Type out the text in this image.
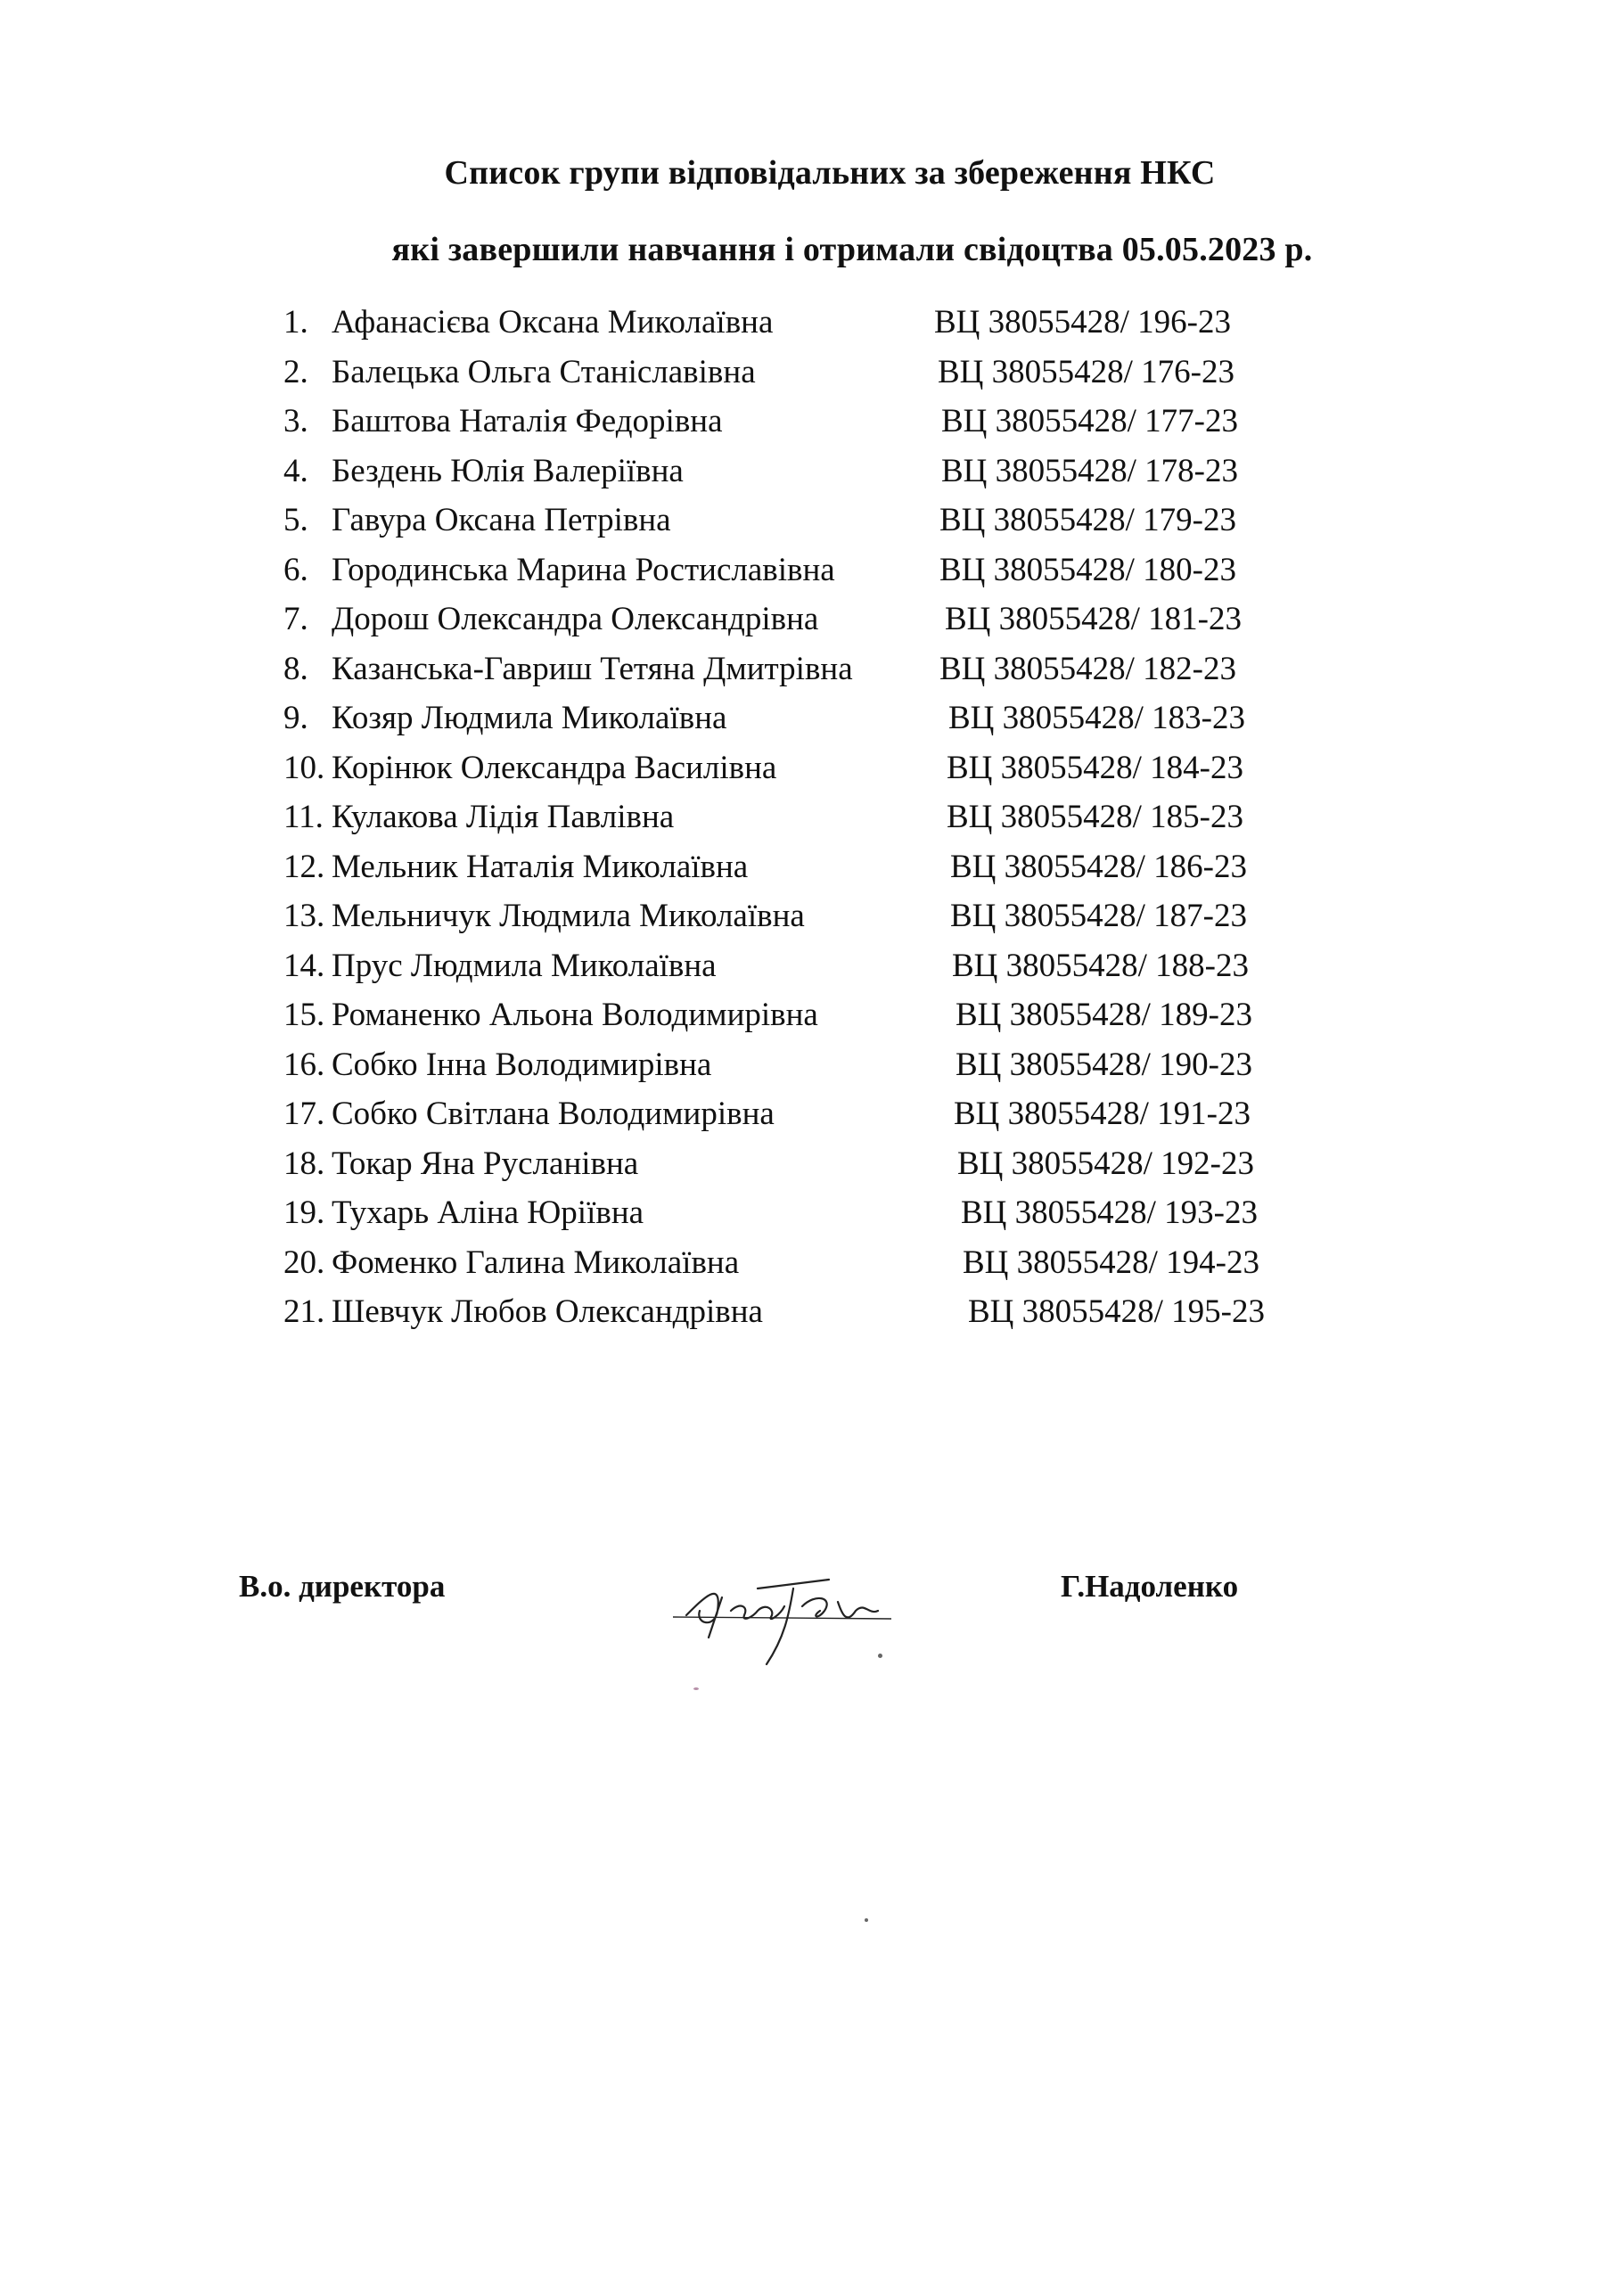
Список групи відповідальних за збереження НКС
які завершили навчання і отримали свідоцтва 05.05.2023 р.
1. Афанасієва Оксана Миколаївна	ВЦ 38055428/ 196-23
2. Балецька Ольга Станіславівна	ВЦ 38055428/ 176-23
3. Баштова Наталія Федорівна	ВЦ 38055428/ 177-23
4. Бездень Юлія Валеріївна	ВЦ 38055428/ 178-23
5. Гавура Оксана Петрівна	ВЦ 38055428/ 179-23
6. Городинська Марина Ростиславівна	ВЦ 38055428/ 180-23
7. Дорош Олександра Олександрівна	ВЦ 38055428/ 181-23
8. Казанська-Гавриш Тетяна Дмитрівна	ВЦ 38055428/ 182-23
9. Козяр Людмила Миколаївна	ВЦ 38055428/ 183-23
10. Корінюк Олександра Василівна	ВЦ 38055428/ 184-23
11. Кулакова Лідія Павлівна	ВЦ 38055428/ 185-23
12. Мельник Наталія Миколаївна	ВЦ 38055428/ 186-23
13. Мельничук Людмила Миколаївна	ВЦ 38055428/ 187-23
14. Прус Людмила Миколаївна	ВЦ 38055428/ 188-23
15. Романенко Альона Володимирівна	ВЦ 38055428/ 189-23
16. Собко Інна Володимирівна	ВЦ 38055428/ 190-23
17. Собко Світлана Володимирівна	ВЦ 38055428/ 191-23
18. Токар Яна Русланівна	ВЦ 38055428/ 192-23
19. Тухарь Аліна Юріївна	ВЦ 38055428/ 193-23
20. Фоменко Галина Миколаївна	ВЦ 38055428/ 194-23
21. Шевчук Любов Олександрівна	ВЦ 38055428/ 195-23
В.о. директора	Г.Надоленко
